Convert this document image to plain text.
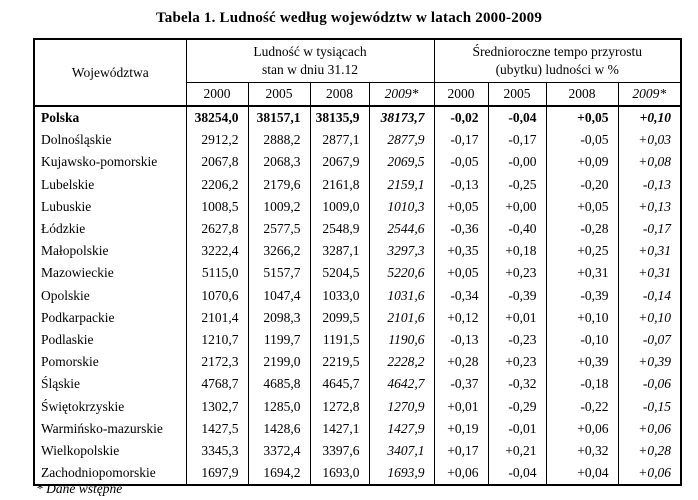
Tabela 1. Ludność według województw w latach 2000-2009
Województwa	
Ludność w tysiącach
stan w dniu 31.12

Średnioroczne tempo przyrostu
(ubytku) ludności w %

	2000	2005	2008	2009*	2000	2005	2008	2009*
Polska	38254,0	38157,1	38135,9	38173,7	-0,02	-0,04	+0,05	+0,10
Dolnośląskie	2912,2	2888,2	2877,1	2877,9	-0,17	-0,17	-0,05	+0,03
Kujawsko-pomorskie	2067,8	2068,3	2067,9	2069,5	-0,05	-0,00	+0,09	+0,08
Lubelskie	2206,2	2179,6	2161,8	2159,1	-0,13	-0,25	-0,20	-0,13
Lubuskie	1008,5	1009,2	1009,0	1010,3	+0,05	+0,00	+0,05	+0,13
Łódzkie	2627,8	2577,5	2548,9	2544,6	-0,36	-0,40	-0,28	-0,17
Małopolskie	3222,4	3266,2	3287,1	3297,3	+0,35	+0,18	+0,25	+0,31
Mazowieckie	5115,0	5157,7	5204,5	5220,6	+0,05	+0,23	+0,31	+0,31
Opolskie	1070,6	1047,4	1033,0	1031,6	-0,34	-0,39	-0,39	-0,14
Podkarpackie	2101,4	2098,3	2099,5	2101,6	+0,12	+0,01	+0,10	+0,10
Podlaskie	1210,7	1199,7	1191,5	1190,6	-0,13	-0,23	-0,10	-0,07
Pomorskie	2172,3	2199,0	2219,5	2228,2	+0,28	+0,23	+0,39	+0,39
Śląskie	4768,7	4685,8	4645,7	4642,7	-0,37	-0,32	-0,18	-0,06
Świętokrzyskie	1302,7	1285,0	1272,8	1270,9	+0,01	-0,29	-0,22	-0,15
Warmińsko-mazurskie	1427,5	1428,6	1427,1	1427,9	+0,19	-0,01	+0,06	+0,06
Wielkopolskie	3345,3	3372,4	3397,6	3407,1	+0,17	+0,21	+0,32	+0,28
Zachodniopomorskie	1697,9	1694,2	1693,0	1693,9	+0,06	-0,04	+0,04	+0,06
* Dane wstępne
